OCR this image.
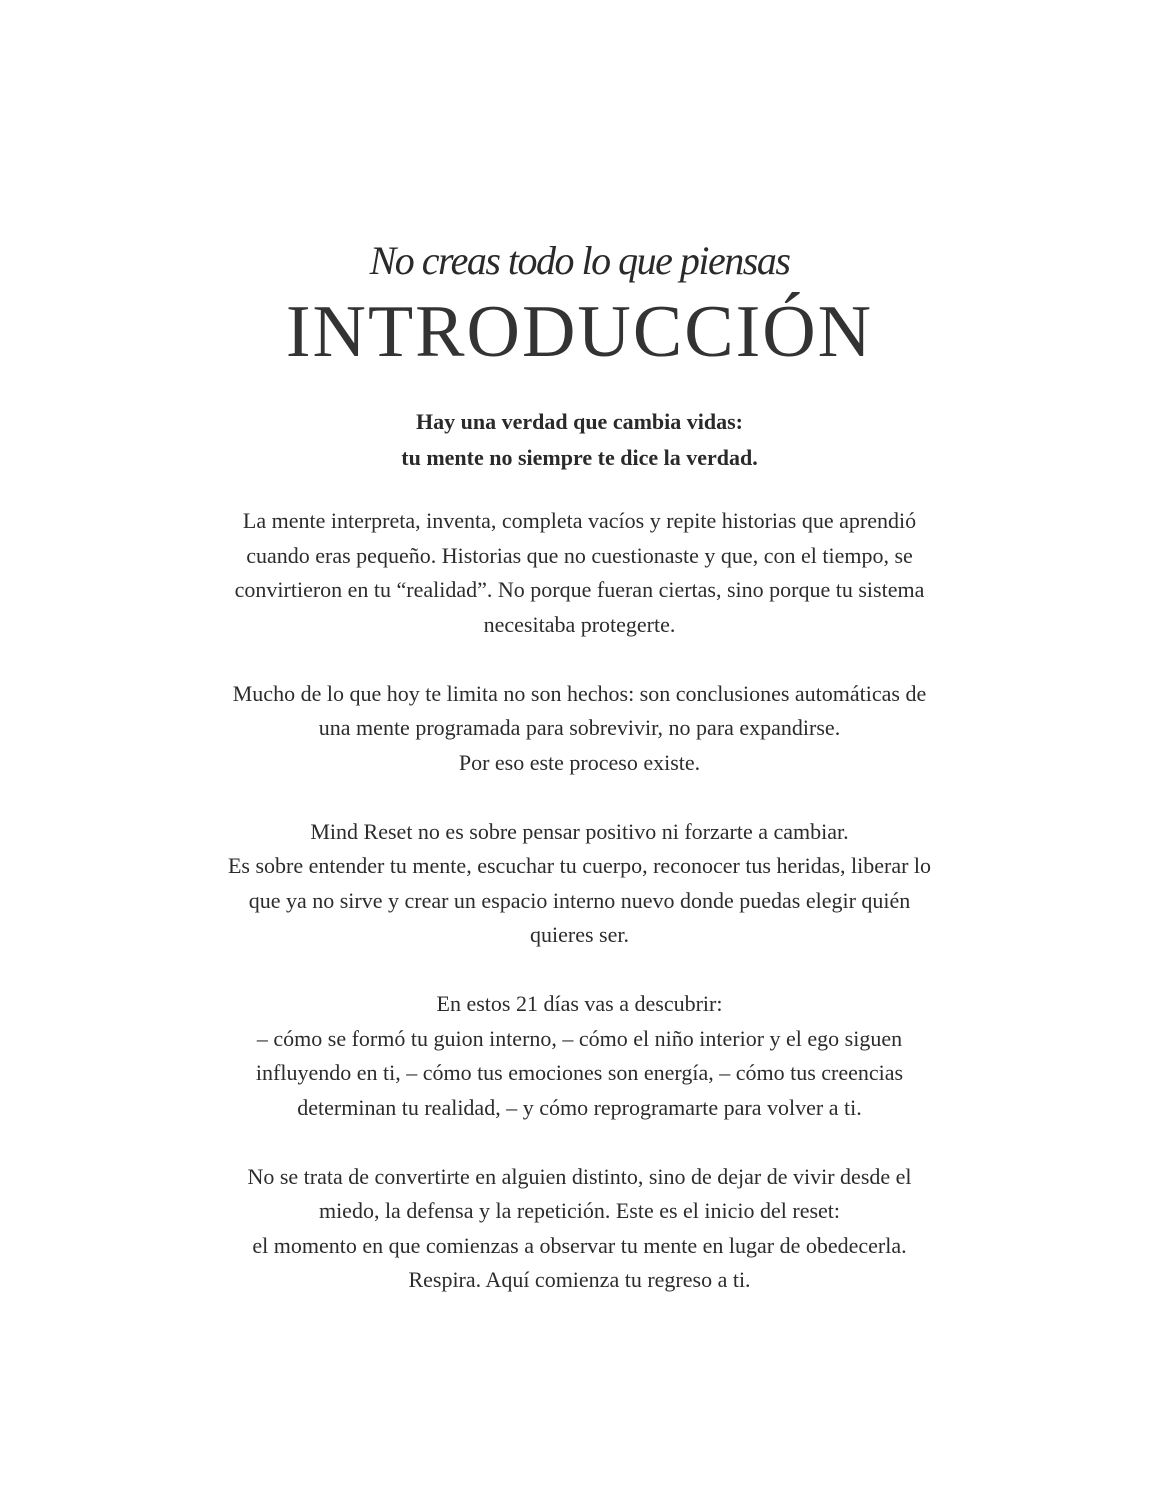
No creas todo lo que piensas
INTRODUCCIÓN
Hay una verdad que cambia vidas:
tu mente no siempre te dice la verdad.

La mente interpreta, inventa, completa vacíos y repite historias que aprendió
cuando eras pequeño. Historias que no cuestionaste y que, con el tiempo, se
convirtieron en tu “realidad”. No porque fueran ciertas, sino porque tu sistema
necesitaba protegerte.

Mucho de lo que hoy te limita no son hechos: son conclusiones automáticas de
una mente programada para sobrevivir, no para expandirse.
Por eso este proceso existe.

Mind Reset no es sobre pensar positivo ni forzarte a cambiar.
Es sobre entender tu mente, escuchar tu cuerpo, reconocer tus heridas, liberar lo
que ya no sirve y crear un espacio interno nuevo donde puedas elegir quién
quieres ser.

En estos 21 días vas a descubrir:
– cómo se formó tu guion interno, – cómo el niño interior y el ego siguen
influyendo en ti, – cómo tus emociones son energía, – cómo tus creencias
determinan tu realidad, – y cómo reprogramarte para volver a ti.

No se trata de convertirte en alguien distinto, sino de dejar de vivir desde el
miedo, la defensa y la repetición. Este es el inicio del reset:
el momento en que comienzas a observar tu mente en lugar de obedecerla.
Respira. Aquí comienza tu regreso a ti.
